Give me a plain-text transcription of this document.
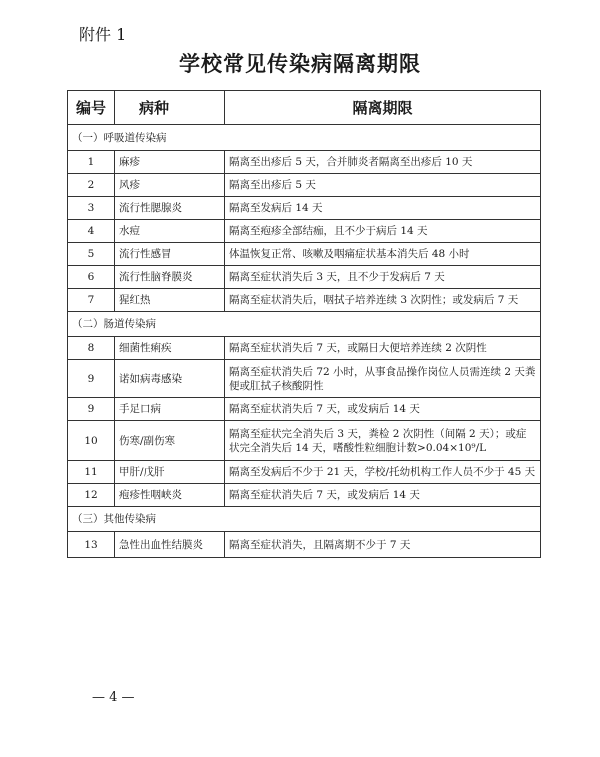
附件 1
学校常见传染病隔离期限
编号	病种	隔离期限
（一）呼吸道传染病		
1	麻疹	隔离至出疹后 5 天，合并肺炎者隔离至出疹后 10 天
2	风疹	隔离至出疹后 5 天
3	流行性腮腺炎	隔离至发病后 14 天
4	水痘	隔离至疱疹全部结痂，且不少于病后 14 天
5	流行性感冒	体温恢复正常、咳嗽及咽痛症状基本消失后 48 小时
6	流行性脑脊膜炎	隔离至症状消失后 3 天，且不少于发病后 7 天
7	猩红热	隔离至症状消失后，咽拭子培养连续 3 次阴性；或发病后 7 天
（二）肠道传染病		
8	细菌性痢疾	隔离至症状消失后 7 天，或隔日大便培养连续 2 次阴性
9	诺如病毒感染	隔离至症状消失后 72 小时，从事食品操作岗位人员需连续 2 天粪便或肛拭子核酸阴性
9	手足口病	隔离至症状消失后 7 天，或发病后 14 天
10	伤寒/副伤寒	隔离至症状完全消失后 3 天，粪检 2 次阴性（间隔 2 天）；或症状完全消失后 14 天，嗜酸性粒细胞计数>0.04×10⁹/L
11	甲肝/戊肝	隔离至发病后不少于 21 天，学校/托幼机构工作人员不少于 45 天
12	疱疹性咽峡炎	隔离至症状消失后 7 天，或发病后 14 天
（三）其他传染病		
13	急性出血性结膜炎	隔离至症状消失，且隔离期不少于 7 天
— 4 —
